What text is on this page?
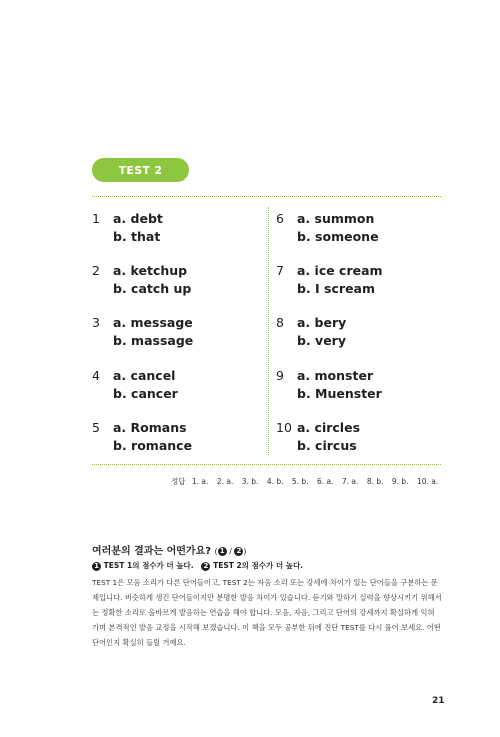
TEST 2
1 a. debt
b. that
2 a. ketchup
b. catch up
3 a. message
b. massage
4 a. cancel
b. cancer
5 a. Romans
b. romance
6 a. summon
b. someone
7 a. ice cream
b. I scream
8 a. bery
b. very
9 a. monster
b. Muenster
10 a. circles
b. circus
정답 1. a. 2. a. 3. b. 4. b. 5. b. 6. a. 7. a. 8. b. 9. b. 10. a.
여러분의 결과는 어떤가요? ( 1 / 2 )
1 TEST 1의 점수가 더 높다. 2 TEST 2의 점수가 더 높다.
TEST 1은 모음 소리가 다른 단어들이고, TEST 2는 자음 소리 또는 강세에 차이가 있는 단어들을 구분하는 문제입니다. 비슷하게 생긴 단어들이지만 분명한 발음 차이가 있습니다. 듣기와 말하기 실력을 향상시키기 위해서는 정확한 소리로 올바르게 발음하는 연습을 해야 합니다. 모음, 자음, 그리고 단어의 강세까지 확실하게 익혀 가며 본격적인 발음 교정을 시작해 보겠습니다. 이 책을 모두 공부한 뒤에 진단 TEST를 다시 풀어 보세요. 어떤 단어인지 확실히 들릴 거예요.
21
